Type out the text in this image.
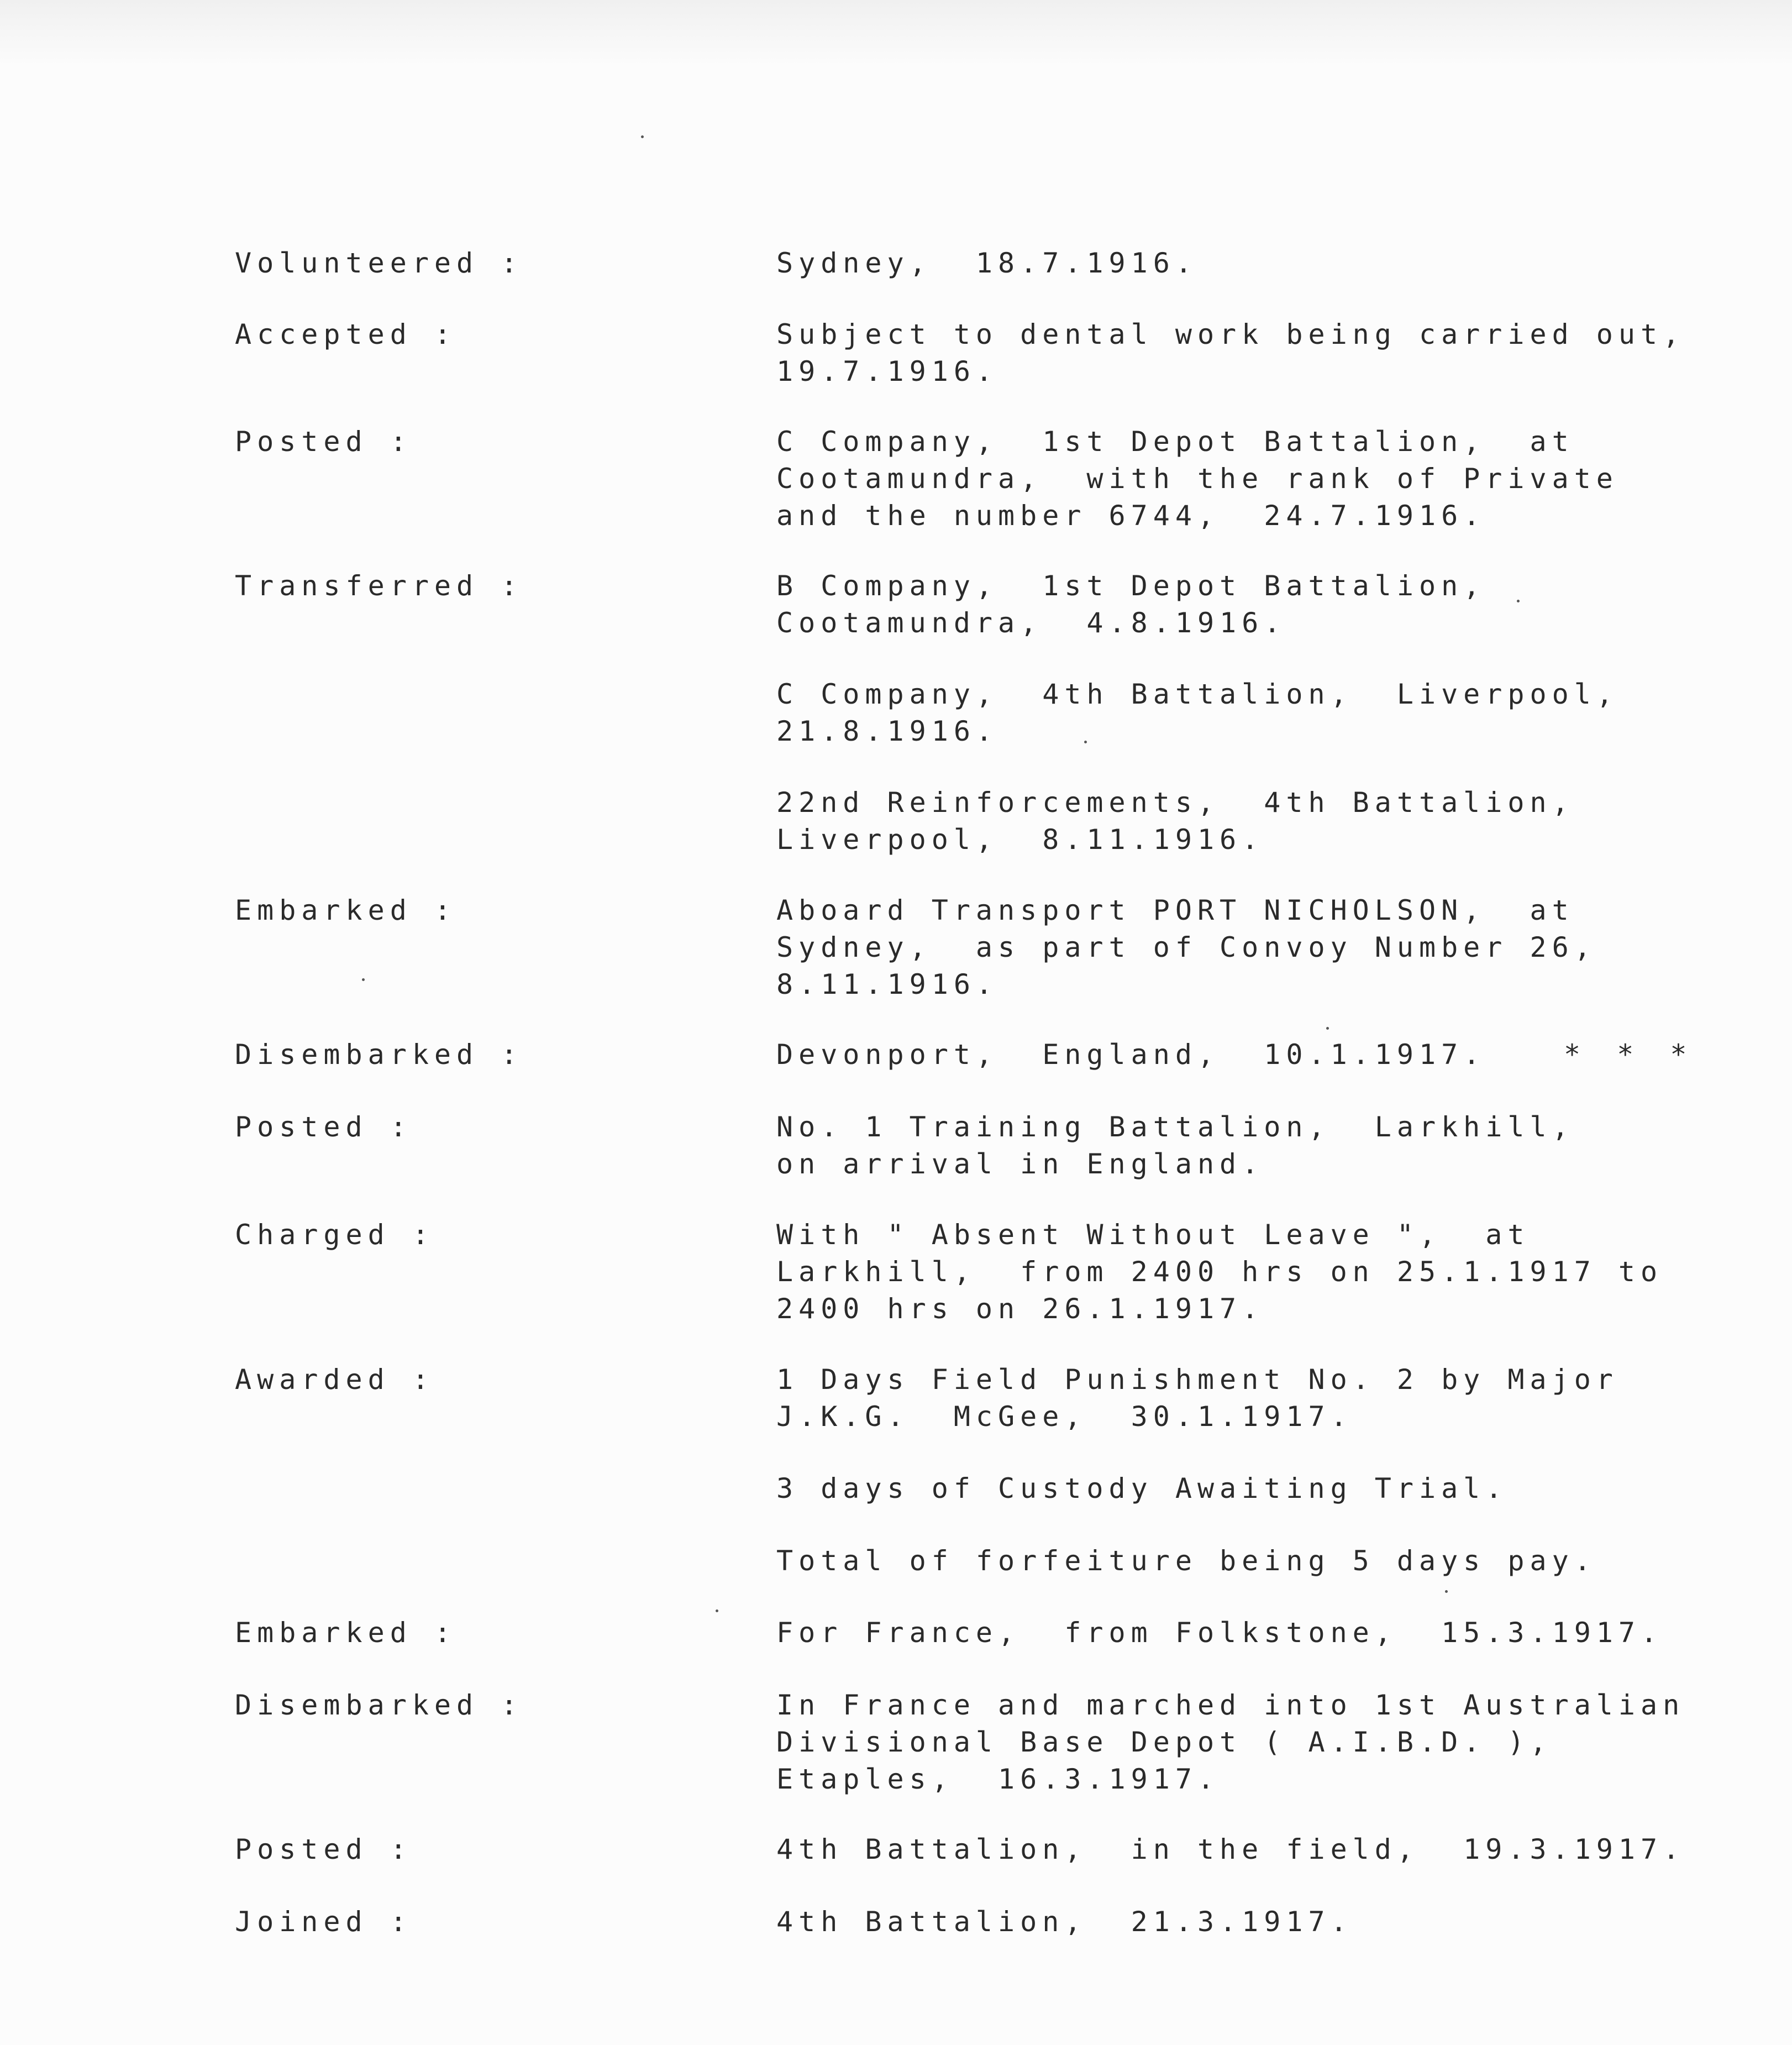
Volunteered :	Sydney,  18.7.1916.
Accepted :	Subject to dental work being carried out,
19.7.1916.
Posted :	C Company,  1st Depot Battalion,  at
Cootamundra,  with the rank of Private
and the number 6744,  24.7.1916.
Transferred :	B Company,  1st Depot Battalion,
Cootamundra,  4.8.1916.
C Company,  4th Battalion,  Liverpool,
21.8.1916.
22nd Reinforcements,  4th Battalion,
Liverpool,  8.11.1916.
Embarked :	Aboard Transport PORT NICHOLSON,  at
Sydney,  as part of Convoy Number 26,
8.11.1916.
Disembarked :	Devonport,  England,  10.1.1917.	* * *
Posted :	No. 1 Training Battalion,  Larkhill,
on arrival in England.
Charged :	With " Absent Without Leave ",  at
Larkhill,  from 2400 hrs on 25.1.1917 to
2400 hrs on 26.1.1917.
Awarded :	1 Days Field Punishment No. 2 by Major
J.K.G.  McGee,  30.1.1917.
3 days of Custody Awaiting Trial.
Total of forfeiture being 5 days pay.
Embarked :	For France,  from Folkstone,  15.3.1917.
Disembarked :	In France and marched into 1st Australian
Divisional Base Depot ( A.I.B.D. ),
Etaples,  16.3.1917.
Posted :	4th Battalion,  in the field,  19.3.1917.
Joined :	4th Battalion,  21.3.1917.
